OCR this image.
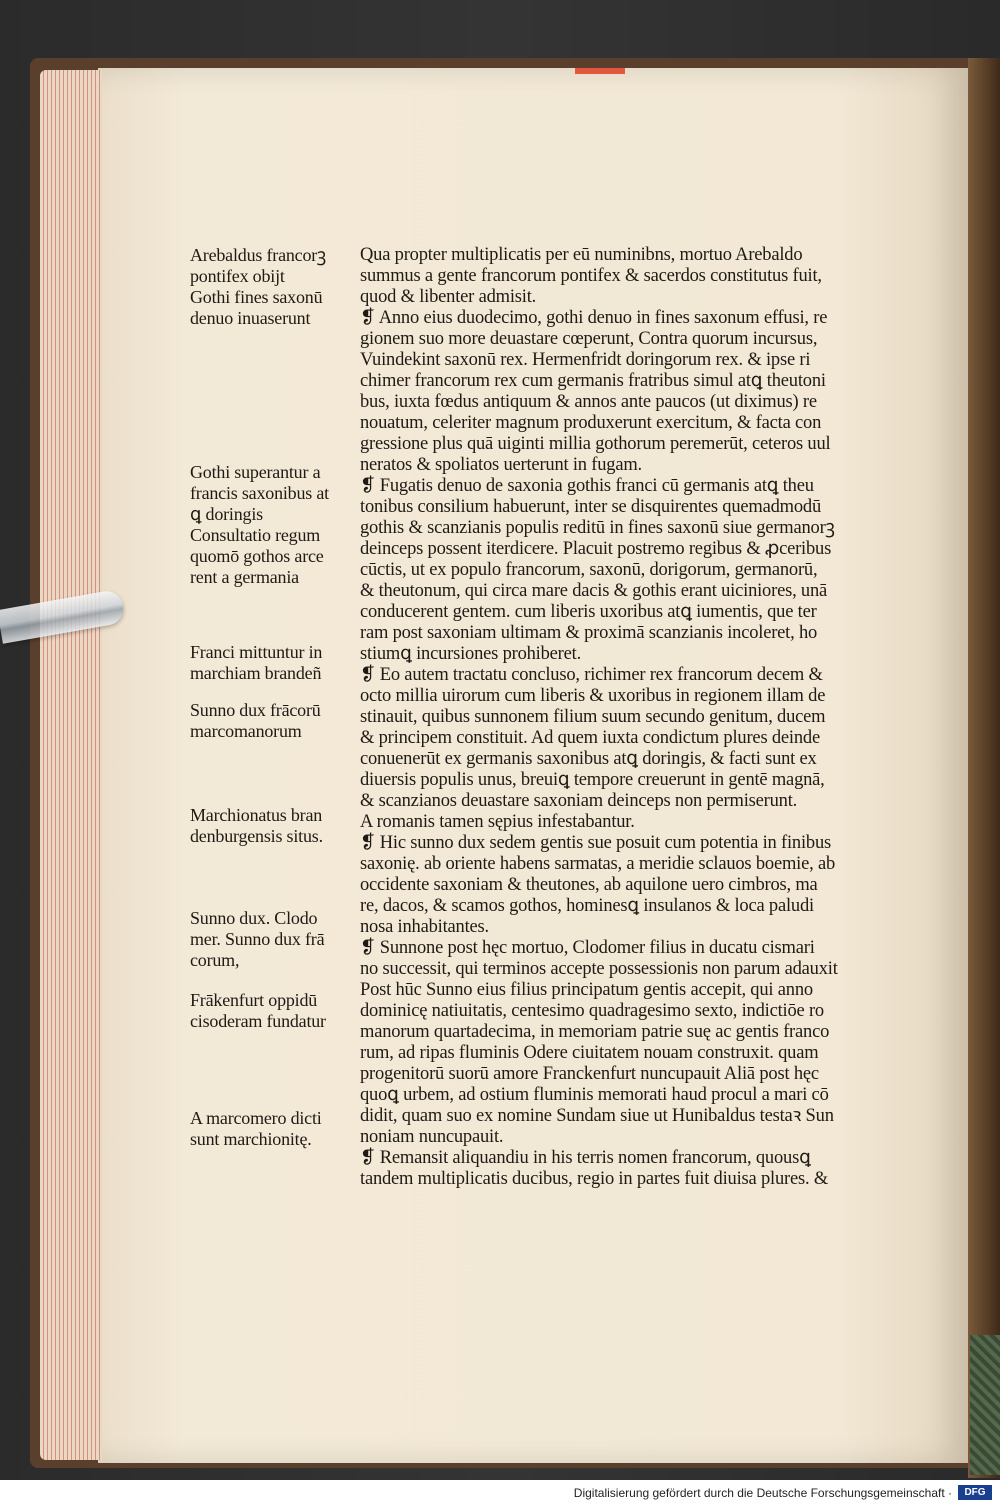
Arebaldus francorꝫ
pontifex obijt
Gothi fines saxonū
denuo inuaserunt
Gothi superantur a
francis saxonibus at
ꝗ doringis
Consultatio regum
quomō gothos arce
rent a germania
Franci mittuntur in
marchiam brandeñ
Sunno dux frācorū
marcomanorum
Marchionatus bran
denburgensis situs.
Sunno dux. Clodo
mer. Sunno dux frā
corum,
Frākenfurt oppidū
cisoderam fundatur
A marcomero dicti
sunt marchionitę.
Qua propter multiplicatis per eū numinibns, mortuo Arebaldo
summus a gente francorum pontifex & sacerdos constitutus fuit,
quod & libenter admisit.
❡ Anno eius duodecimo, gothi denuo in fines saxonum effusi, re
gionem suo more deuastare cœperunt, Contra quorum incursus,
Vuindekint saxonū rex. Hermenfridt doringorum rex. & ipse ri
chimer francorum rex cum germanis fratribus simul atꝗ theutoni
bus, iuxta fœdus antiquum & annos ante paucos (ut diximus) re
nouatum, celeriter magnum produxerunt exercitum, & facta con
gressione plus quā uiginti millia gothorum peremerūt, ceteros uul
neratos & spoliatos uerterunt in fugam.
❡ Fugatis denuo de saxonia gothis franci cū germanis atꝗ theu
tonibus consilium habuerunt, inter se disquirentes quemadmodū
gothis & scanzianis populis reditū in fines saxonū siue germanorꝫ
deinceps possent iterdicere. Placuit postremo regibus & ꝓceribus
cūctis, ut ex populo francorum, saxonū, dorigorum, germanorū,
& theutonum, qui circa mare dacis & gothis erant uiciniores, unā
conducerent gentem. cum liberis uxoribus atꝗ iumentis, que ter
ram post saxoniam ultimam & proximā scanzianis incoleret, ho
stiumꝗ incursiones prohiberet.
❡ Eo autem tractatu concluso, richimer rex francorum decem &
octo millia uirorum cum liberis & uxoribus in regionem illam de
stinauit, quibus sunnonem filium suum secundo genitum, ducem
& principem constituit. Ad quem iuxta condictum plures deinde
conuenerūt ex germanis saxonibus atꝗ doringis, & facti sunt ex
diuersis populis unus, breuiꝗ tempore creuerunt in gentē magnā,
& scanzianos deuastare saxoniam deinceps non permiserunt.
A romanis tamen sępius infestabantur.
❡ Hic sunno dux sedem gentis sue posuit cum potentia in finibus
saxonię. ab oriente habens sarmatas, a meridie sclauos boemie, ab
occidente saxoniam & theutones, ab aquilone uero cimbros, ma
re, dacos, & scamos gothos, hominesꝗ insulanos & loca paludi
nosa inhabitantes.
❡ Sunnone post hęc mortuo, Clodomer filius in ducatu cismari
no successit, qui terminos accepte possessionis non parum adauxit
Post hūc Sunno eius filius principatum gentis accepit, qui anno
dominicę natiuitatis, centesimo quadragesimo sexto, indictiōe ro
manorum quartadecima, in memoriam patrie suę ac gentis franco
rum, ad ripas fluminis Odere ciuitatem nouam construxit. quam
progenitorū suorū amore Franckenfurt nuncupauit Aliā post hęc
quoꝗ urbem, ad ostium fluminis memorati haud procul a mari cō
didit, quam suo ex nomine Sundam siue ut Hunibaldus testaꝛ Sun
noniam nuncupauit.
❡ Remansit aliquandiu in his terris nomen francorum, quousꝗ
tandem multiplicatis ducibus, regio in partes fuit diuisa plures. &
Digitalisierung gefördert durch die Deutsche Forschungsgemeinschaft ·	DFG
